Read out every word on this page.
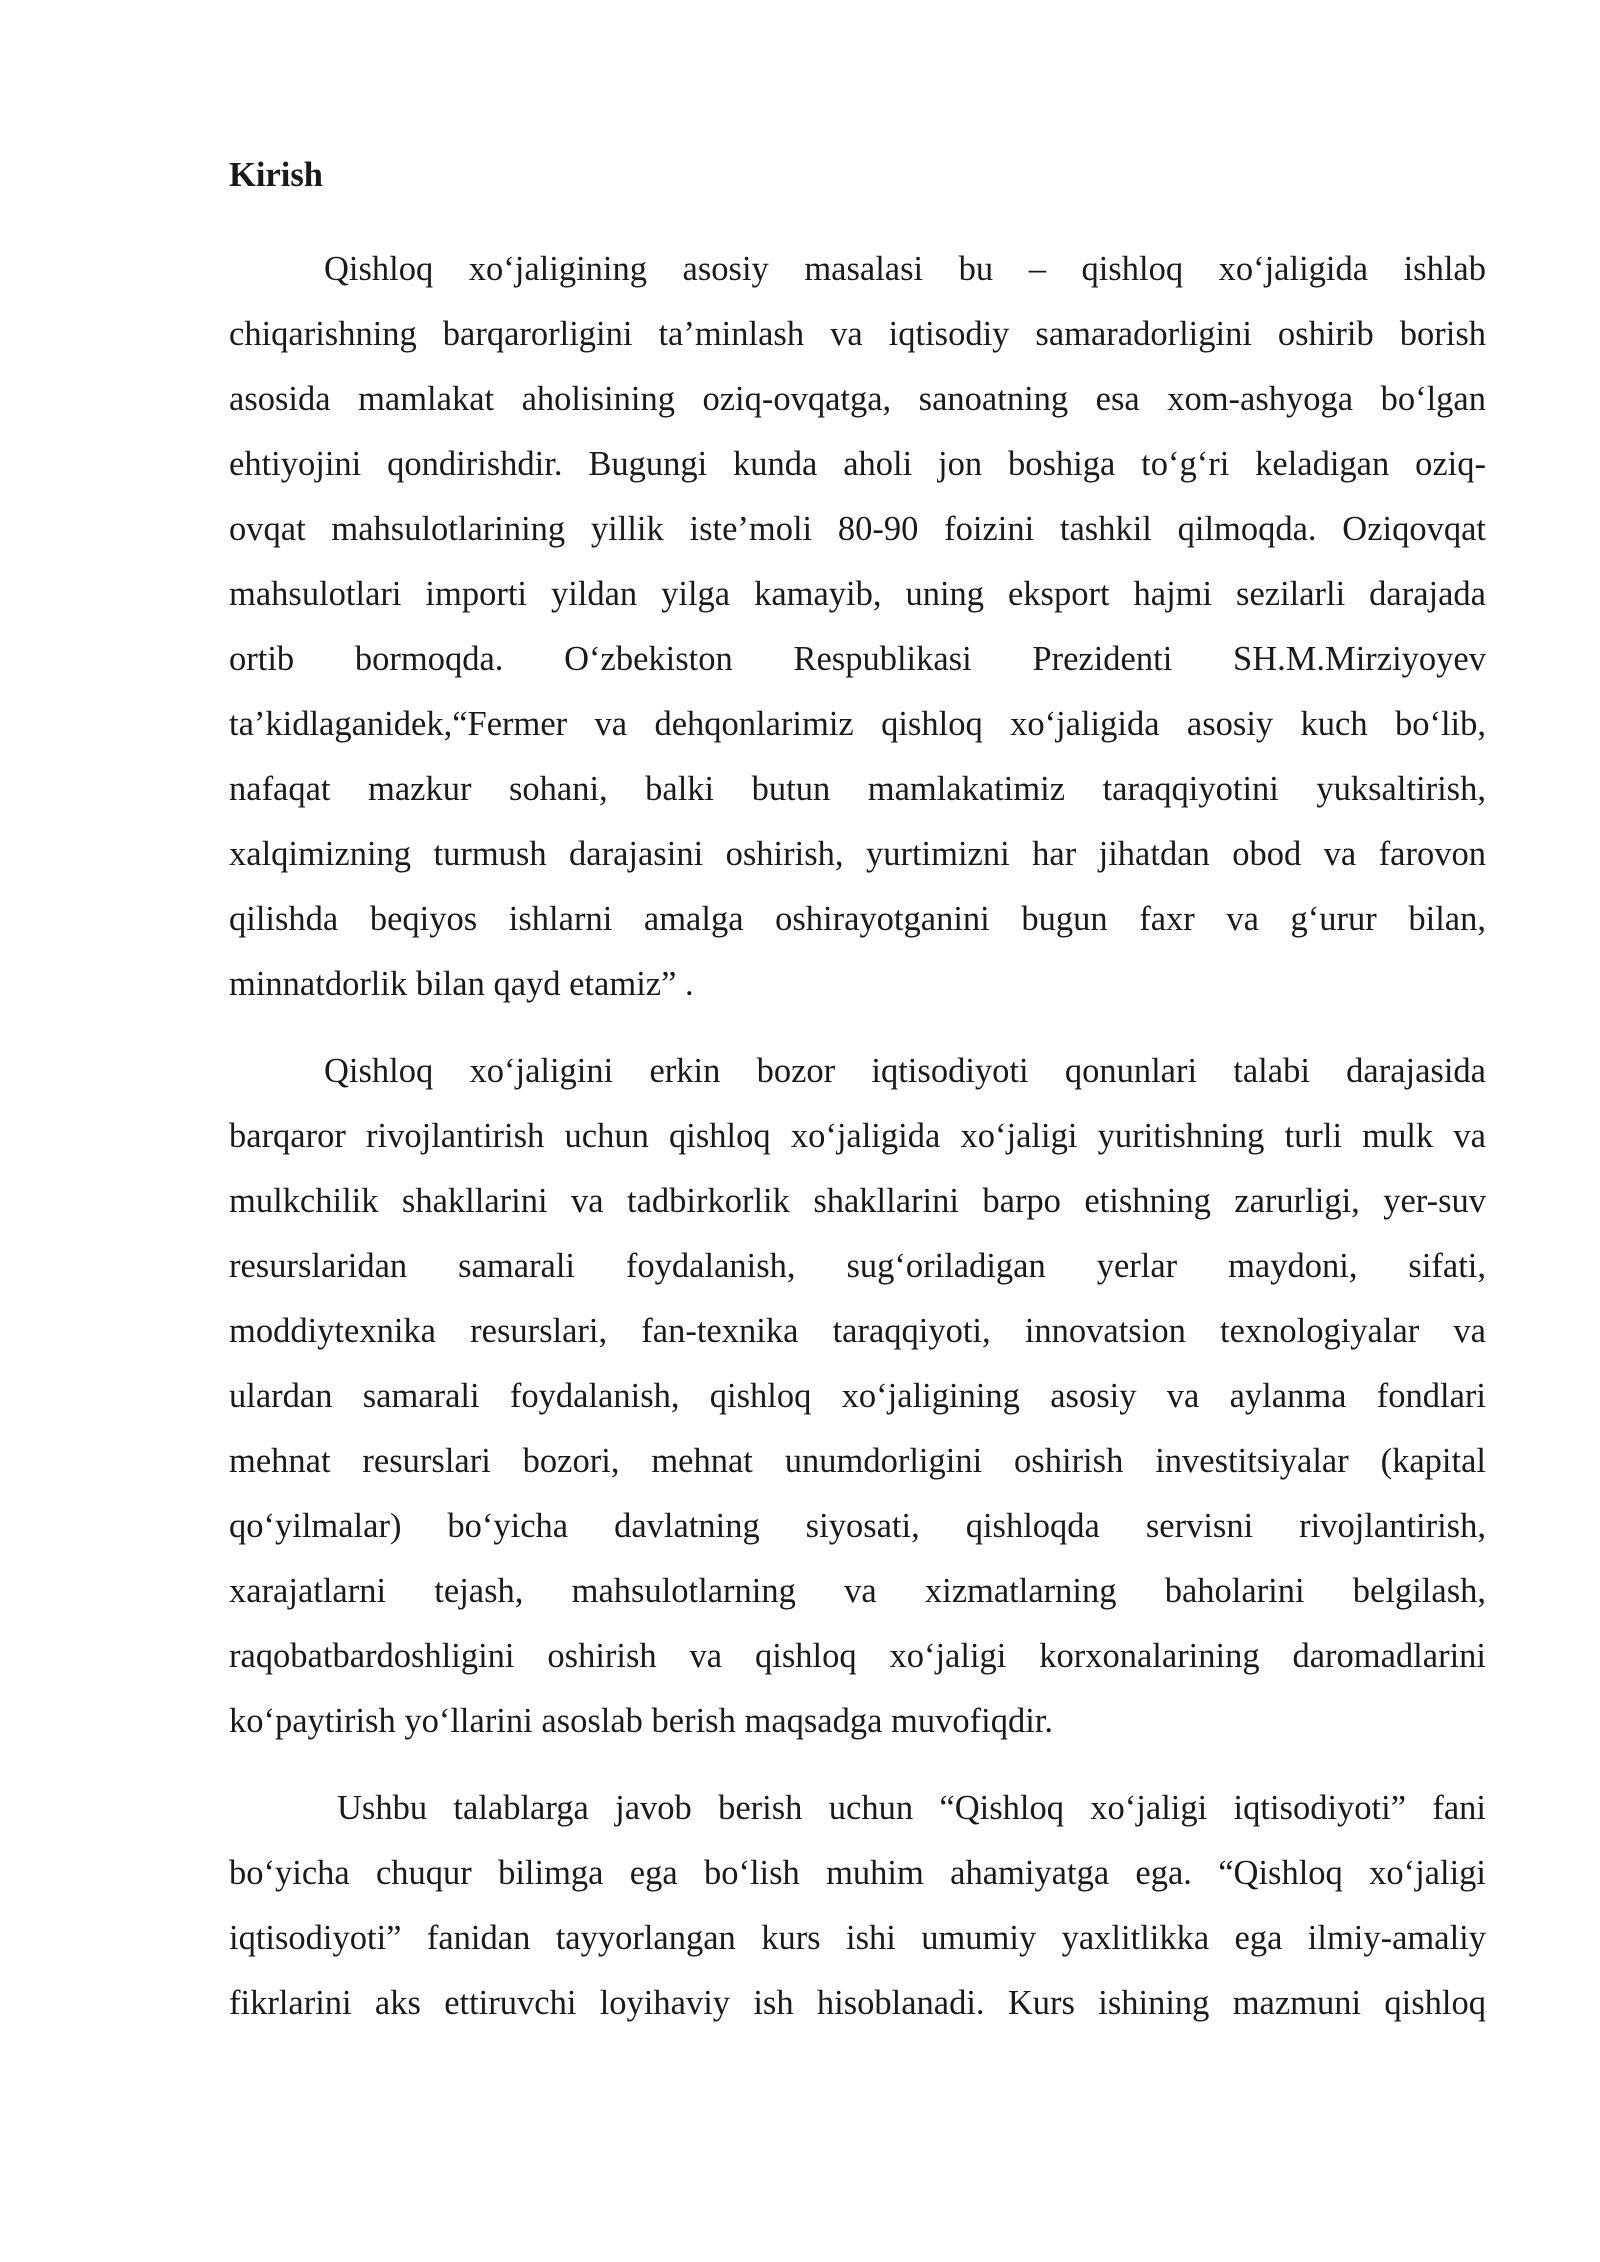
Kirish
Qishloq xo‘jaligining asosiy masalasi bu – qishloq xo‘jaligida ishlab
chiqarishning barqarorligini ta’minlash va iqtisodiy samaradorligini oshirib borish
asosida mamlakat aholisining oziq-ovqatga, sanoatning esa xom-ashyoga bo‘lgan
ehtiyojini qondirishdir. Bugungi kunda aholi jon boshiga to‘g‘ri keladigan oziq-
ovqat mahsulotlarining yillik iste’moli 80-90 foizini tashkil qilmoqda. Oziqovqat
mahsulotlari importi yildan yilga kamayib, uning eksport hajmi sezilarli darajada
ortib bormoqda. O‘zbekiston Respublikasi Prezidenti SH.M.Mirziyoyev
ta’kidlaganidek,“Fermer va dehqonlarimiz qishloq xo‘jaligida asosiy kuch bo‘lib,
nafaqat mazkur sohani, balki butun mamlakatimiz taraqqiyotini yuksaltirish,
xalqimizning turmush darajasini oshirish, yurtimizni har jihatdan obod va farovon
qilishda beqiyos ishlarni amalga oshirayotganini bugun faxr va g‘urur bilan,
minnatdorlik bilan qayd etamiz” .
Qishloq xo‘jaligini erkin bozor iqtisodiyoti qonunlari talabi darajasida
barqaror rivojlantirish uchun qishloq xo‘jaligida xo‘jaligi yuritishning turli mulk va
mulkchilik shakllarini va tadbirkorlik shakllarini barpo etishning zarurligi, yer-suv
resurslaridan samarali foydalanish, sug‘oriladigan yerlar maydoni, sifati,
moddiytexnika resurslari, fan-texnika taraqqiyoti, innovatsion texnologiyalar va
ulardan samarali foydalanish, qishloq xo‘jaligining asosiy va aylanma fondlari
mehnat resurslari bozori, mehnat unumdorligini oshirish investitsiyalar (kapital
qo‘yilmalar) bo‘yicha davlatning siyosati, qishloqda servisni rivojlantirish,
xarajatlarni tejash, mahsulotlarning va xizmatlarning baholarini belgilash,
raqobatbardoshligini oshirish va qishloq xo‘jaligi korxonalarining daromadlarini
ko‘paytirish yo‘llarini asoslab berish maqsadga muvofiqdir.
Ushbu talablarga javob berish uchun “Qishloq xo‘jaligi iqtisodiyoti” fani
bo‘yicha chuqur bilimga ega bo‘lish muhim ahamiyatga ega. “Qishloq xo‘jaligi
iqtisodiyoti” fanidan tayyorlangan kurs ishi umumiy yaxlitlikka ega ilmiy-amaliy
fikrlarini aks ettiruvchi loyihaviy ish hisoblanadi. Kurs ishining mazmuni qishloq
